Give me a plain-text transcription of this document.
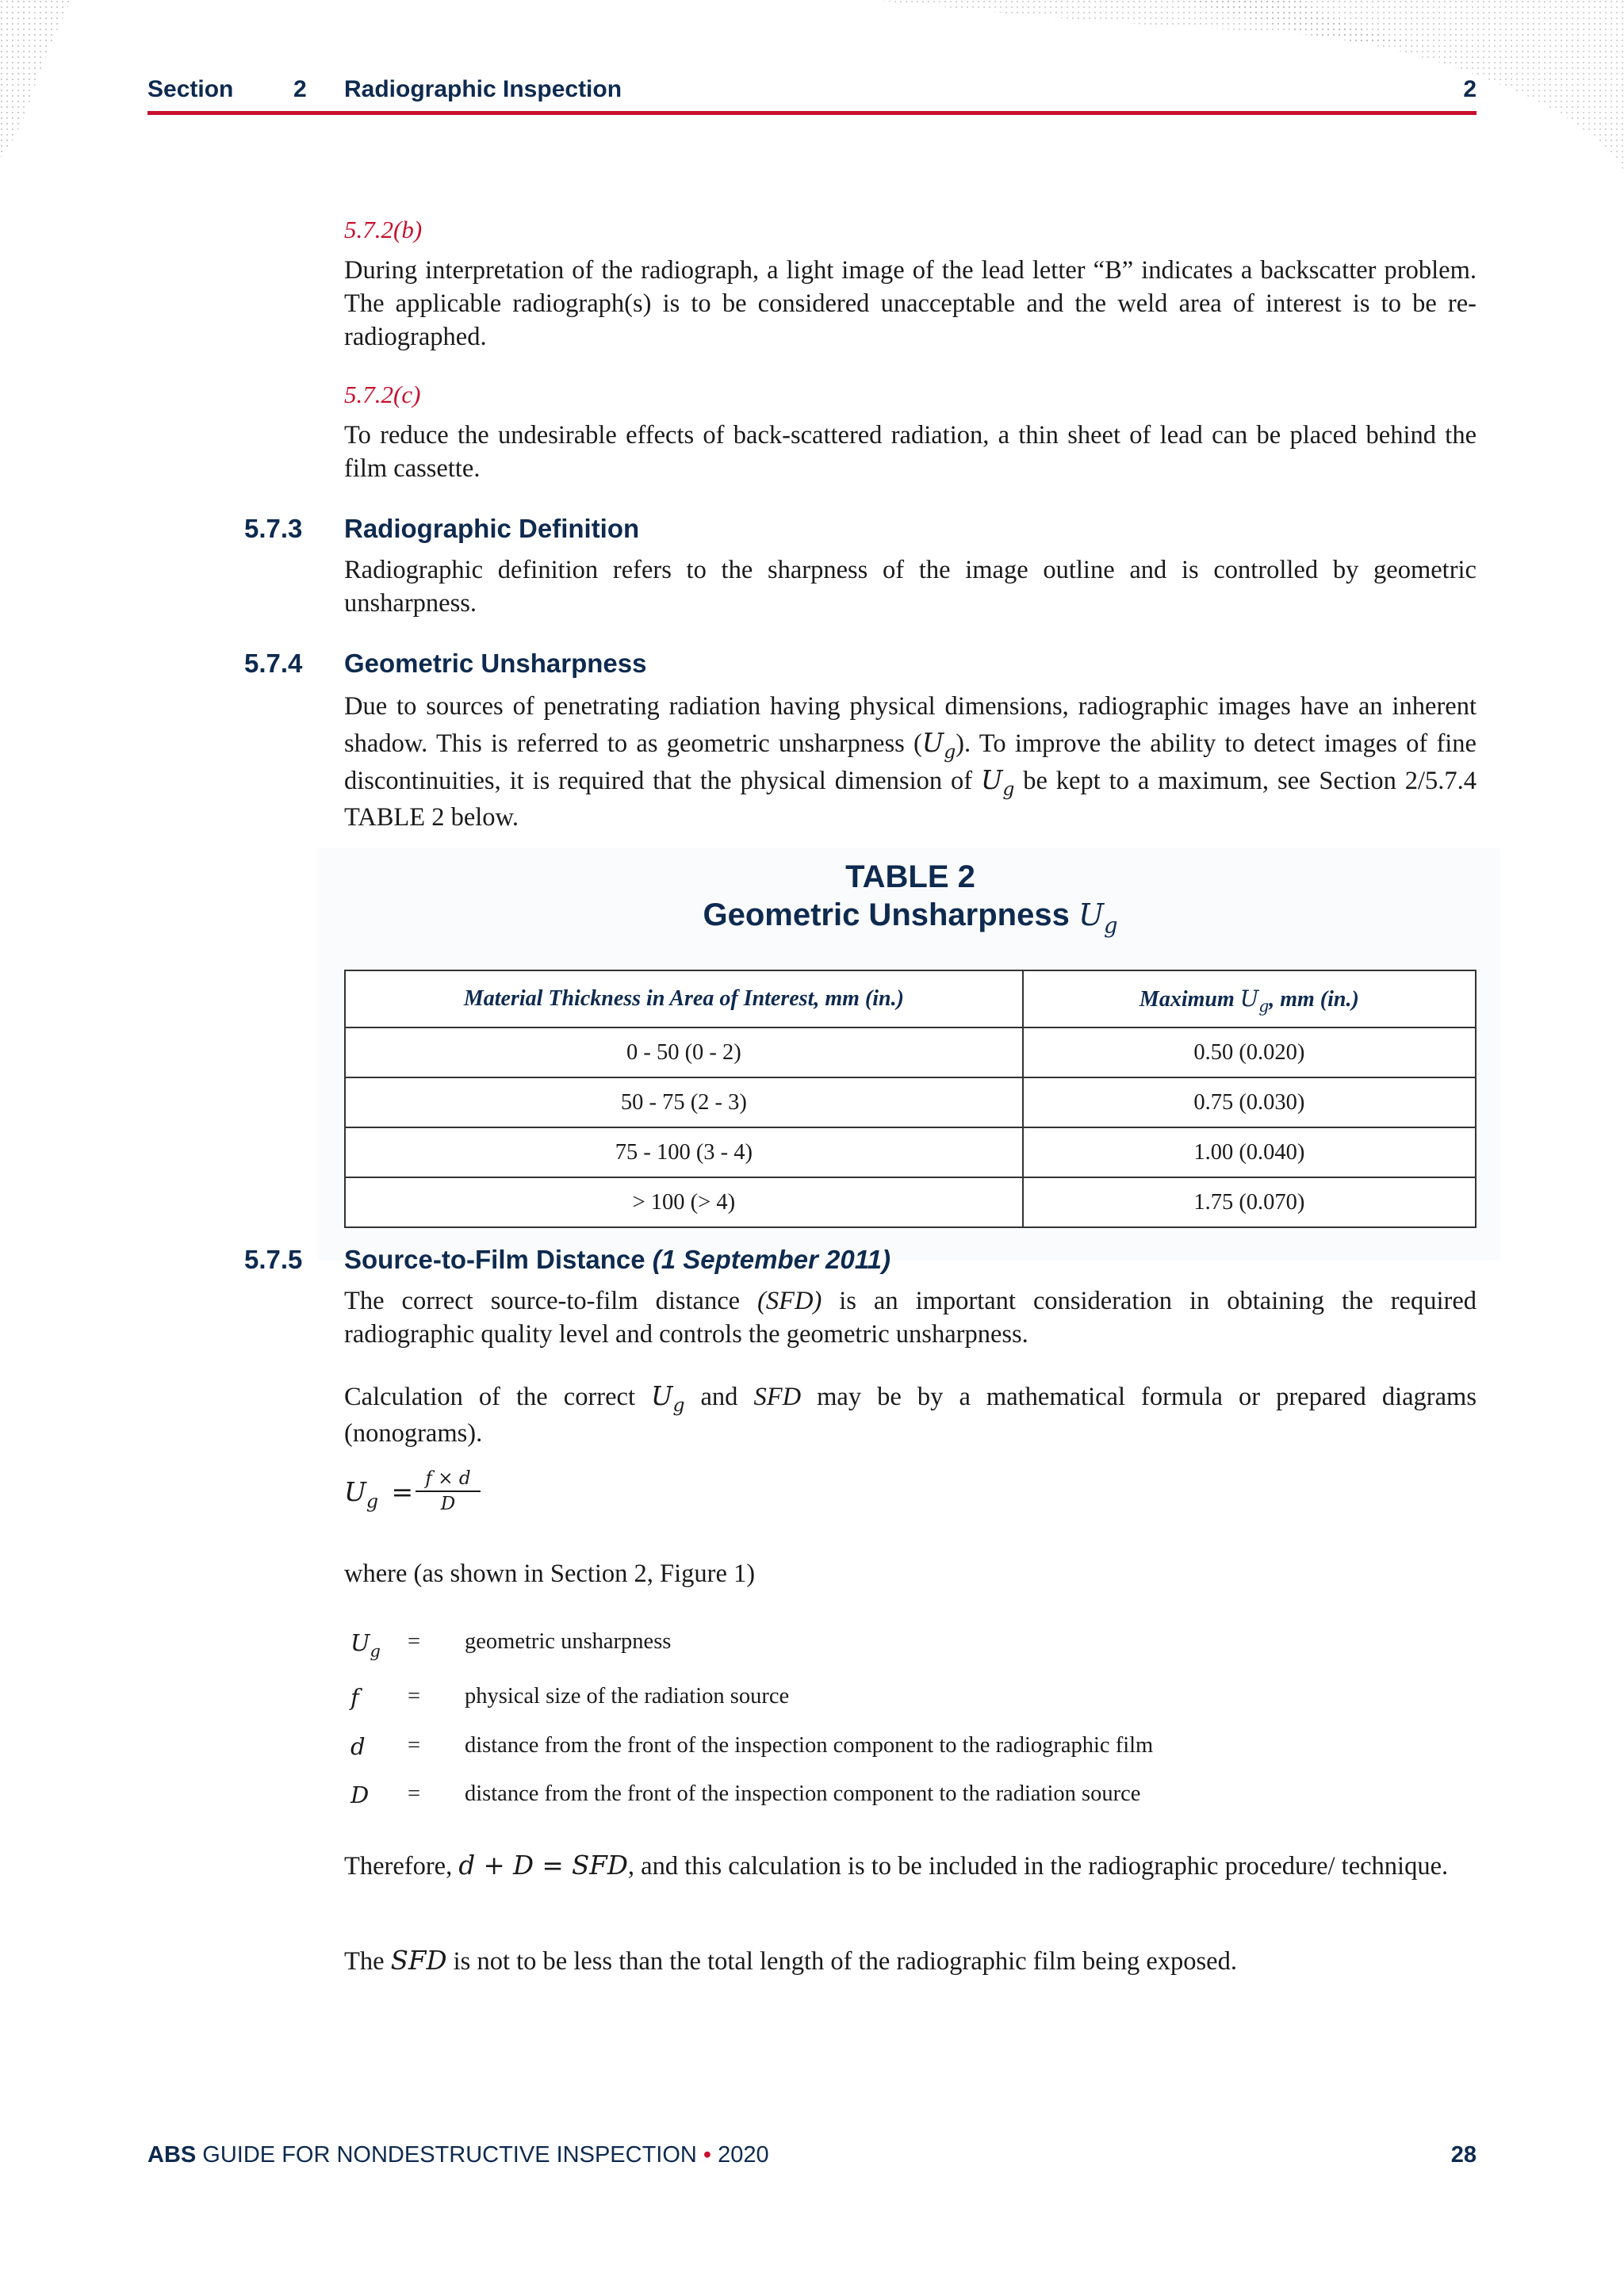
Section	2 Radiographic Inspection	2
5.7.2(b)
During interpretation of the radiograph, a light image of the lead letter “B” indicates a backscatter problem. The applicable radiograph(s) is to be considered unacceptable and the weld area of interest is to be re-radiographed.
5.7.2(c)
To reduce the undesirable effects of back-scattered radiation, a thin sheet of lead can be placed behind the film cassette.
5.7.3 Radiographic Definition
Radiographic definition refers to the sharpness of the image outline and is controlled by geometric unsharpness.
5.7.4 Geometric Unsharpness
Due to sources of penetrating radiation having physical dimensions, radiographic images have an inherent shadow. This is referred to as geometric unsharpness $(U_g)$. To improve the ability to detect images of fine discontinuities, it is required that the physical dimension of $U_g$ be kept to a maximum, see Section 2/5.7.4 TABLE 2 below.
TABLE 2
Geometric Unsharpness $U_g$
Material Thickness in Area of Interest, mm (in.)	Maximum $U_g$, mm (in.)
0 - 50 (0 - 2)	0.50 (0.020)
50 - 75 (2 - 3)	0.75 (0.030)
75 - 100 (3 - 4)	1.00 (0.040)
> 100 (> 4)	1.75 (0.070)
5.7.5 Source-to-Film Distance (1 September 2011)
The correct source-to-film distance (SFD) is an important consideration in obtaining the required radiographic quality level and controls the geometric unsharpness.
Calculation of the correct $U_g$ and SFD may be by a mathematical formula or prepared diagrams (nonograms).
$U_g = \frac{f \times d}{D}$
where (as shown in Section 2, Figure 1)
$U_g$ = geometric unsharpness
f = physical size of the radiation source
d = distance from the front of the inspection component to the radiographic film
D = distance from the front of the inspection component to the radiation source
Therefore, d + D = SFD, and this calculation is to be included in the radiographic procedure/ technique.
The SFD is not to be less than the total length of the radiographic film being exposed.
ABS GUIDE FOR NONDESTRUCTIVE INSPECTION • 2020	28
